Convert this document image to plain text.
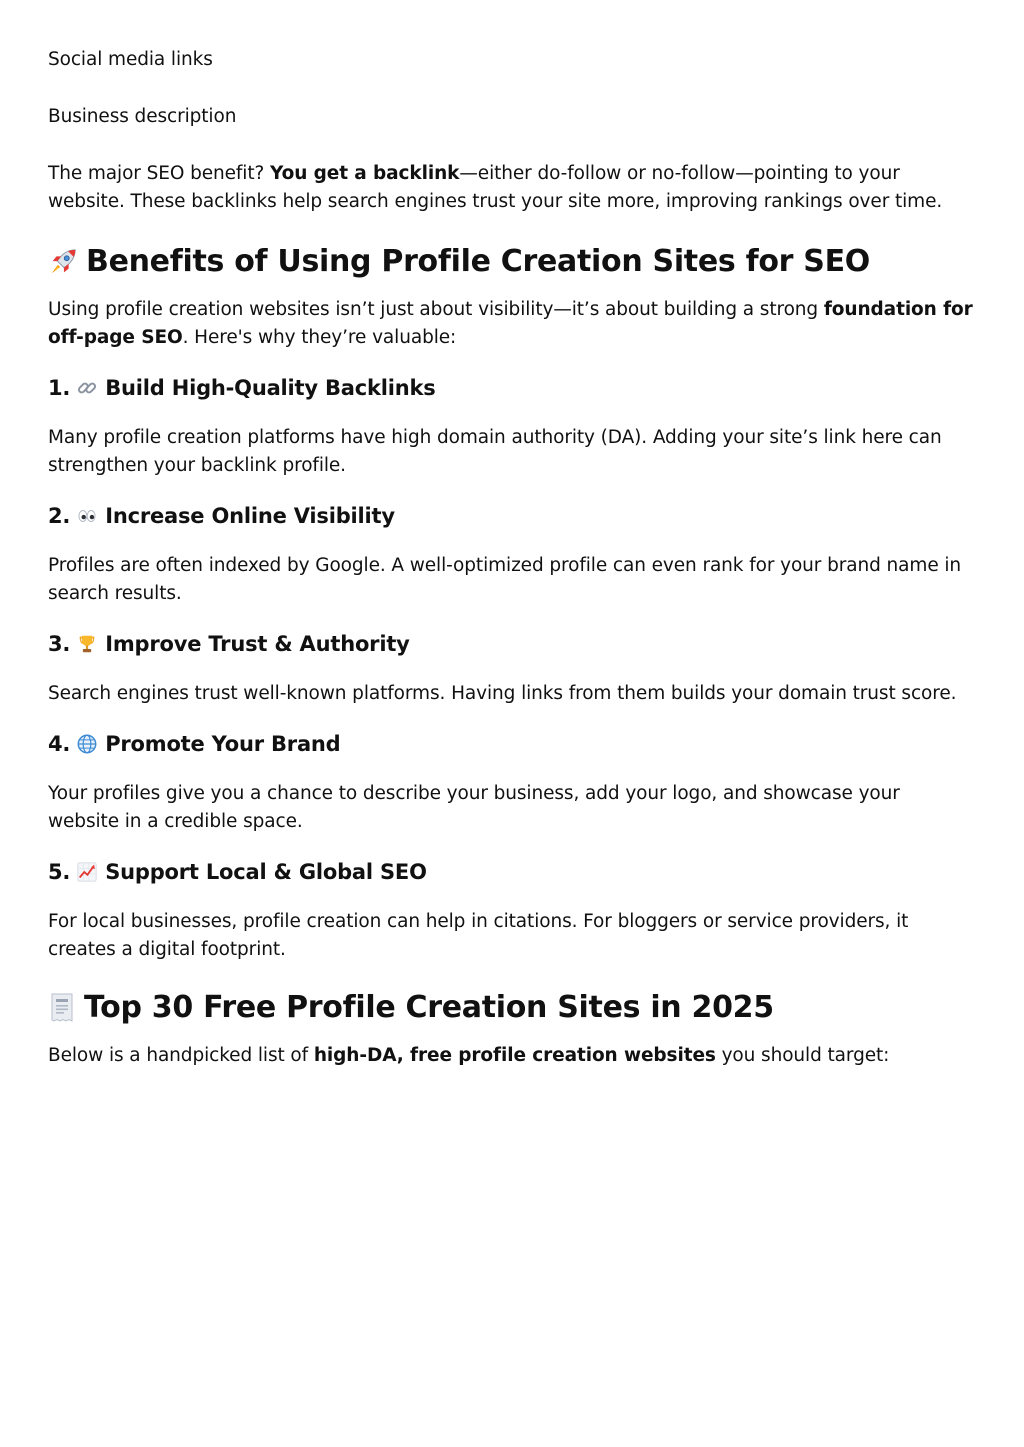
Social media links

Business description

The major SEO benefit? You get a backlink—either do-follow or no-follow—pointing to your website. These backlinks help search engines trust your site more, improving rankings over time.

Benefits of Using Profile Creation Sites for SEO

Using profile creation websites isn’t just about visibility—it’s about building a strong foundation for off-page SEO. Here's why they’re valuable:

1. Build High-Quality Backlinks

Many profile creation platforms have high domain authority (DA). Adding your site’s link here can strengthen your backlink profile.

2. Increase Online Visibility

Profiles are often indexed by Google. A well-optimized profile can even rank for your brand name in search results.

3. Improve Trust & Authority

Search engines trust well-known platforms. Having links from them builds your domain trust score.

4. Promote Your Brand

Your profiles give you a chance to describe your business, add your logo, and showcase your website in a credible space.

5. Support Local & Global SEO

For local businesses, profile creation can help in citations. For bloggers or service providers, it creates a digital footprint.

Top 30 Free Profile Creation Sites in 2025

Below is a handpicked list of high-DA, free profile creation websites you should target:
